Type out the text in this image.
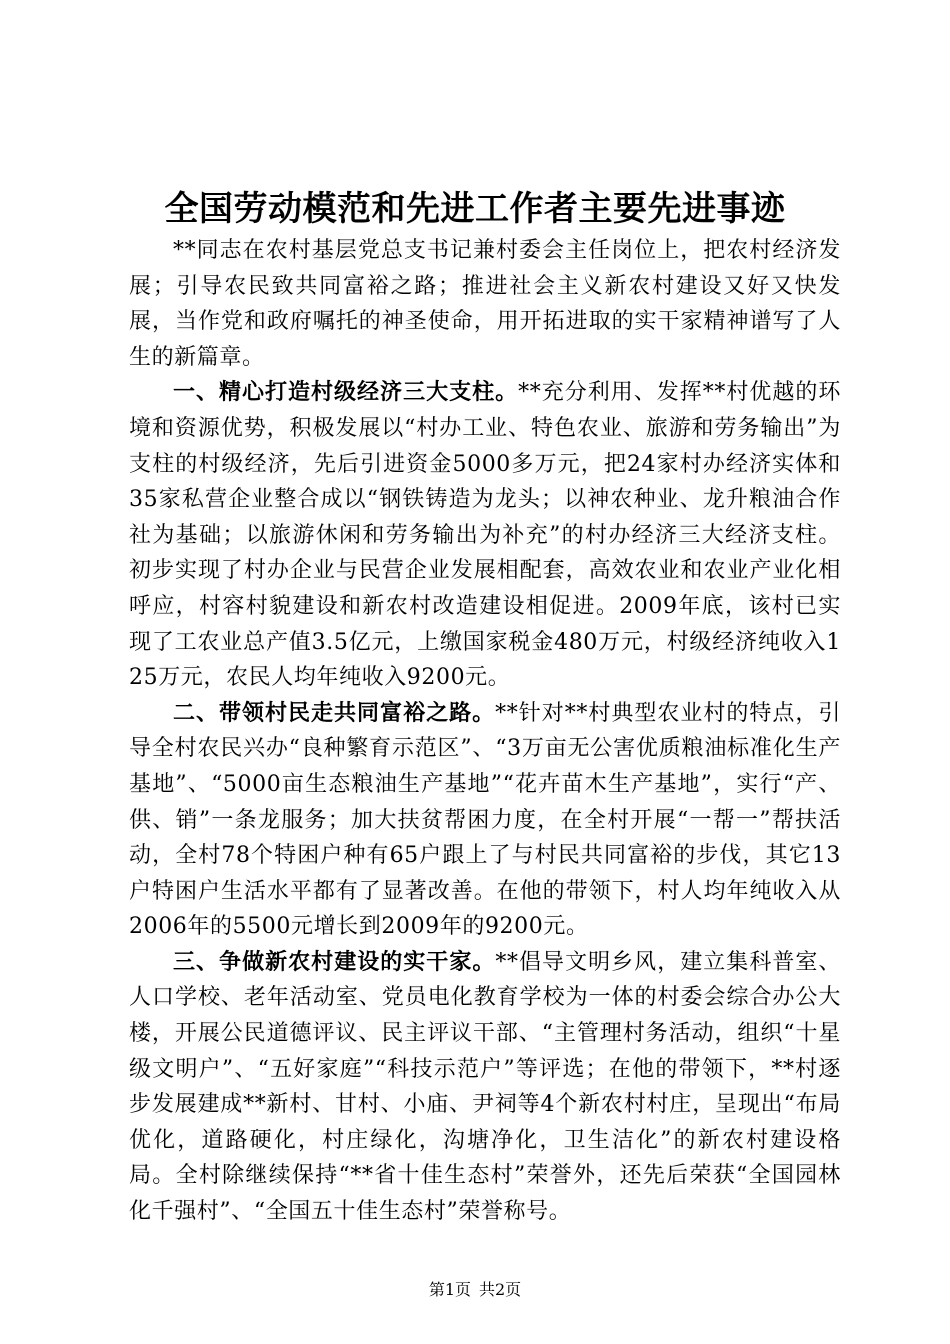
全国劳动模范和先进工作者主要先进事迹

**同志在农村基层党总支书记兼村委会主任岗位上，把农村经济发展；引导农民致共同富裕之路；推进社会主义新农村建设又好又快发展，当作党和政府嘱托的神圣使命，用开拓进取的实干家精神谱写了人生的新篇章。

一、精心打造村级经济三大支柱。**充分利用、发挥**村优越的环境和资源优势，积极发展以“村办工业、特色农业、旅游和劳务输出”为支柱的村级经济，先后引进资金5000多万元，把24家村办经济实体和35家私营企业整合成以“钢铁铸造为龙头；以神农种业、龙升粮油合作社为基础；以旅游休闲和劳务输出为补充”的村办经济三大经济支柱。初步实现了村办企业与民营企业发展相配套，高效农业和农业产业化相呼应，村容村貌建设和新农村改造建设相促进。2009年底，该村已实现了工农业总产值3.5亿元，上缴国家税金480万元，村级经济纯收入125万元，农民人均年纯收入9200元。

二、带领村民走共同富裕之路。**针对**村典型农业村的特点，引导全村农民兴办“良种繁育示范区”、“3万亩无公害优质粮油标准化生产基地”、“5000亩生态粮油生产基地”“花卉苗木生产基地”，实行“产、供、销”一条龙服务；加大扶贫帮困力度，在全村开展“一帮一”帮扶活动，全村78个特困户种有65户跟上了与村民共同富裕的步伐，其它13户特困户生活水平都有了显著改善。在他的带领下，村人均年纯收入从2006年的5500元增长到2009年的9200元。

三、争做新农村建设的实干家。**倡导文明乡风，建立集科普室、人口学校、老年活动室、党员电化教育学校为一体的村委会综合办公大楼，开展公民道德评议、民主评议干部、“主管理村务活动，组织“十星级文明户”、“五好家庭”“科技示范户”等评选；在他的带领下，**村逐步发展建成**新村、甘村、小庙、尹祠等4个新农村村庄，呈现出“布局优化，道路硬化，村庄绿化，沟塘净化，卫生洁化”的新农村建设格局。全村除继续保持“**省十佳生态村”荣誉外，还先后荣获“全国园林化千强村”、“全国五十佳生态村”荣誉称号。

第1页 共2页
